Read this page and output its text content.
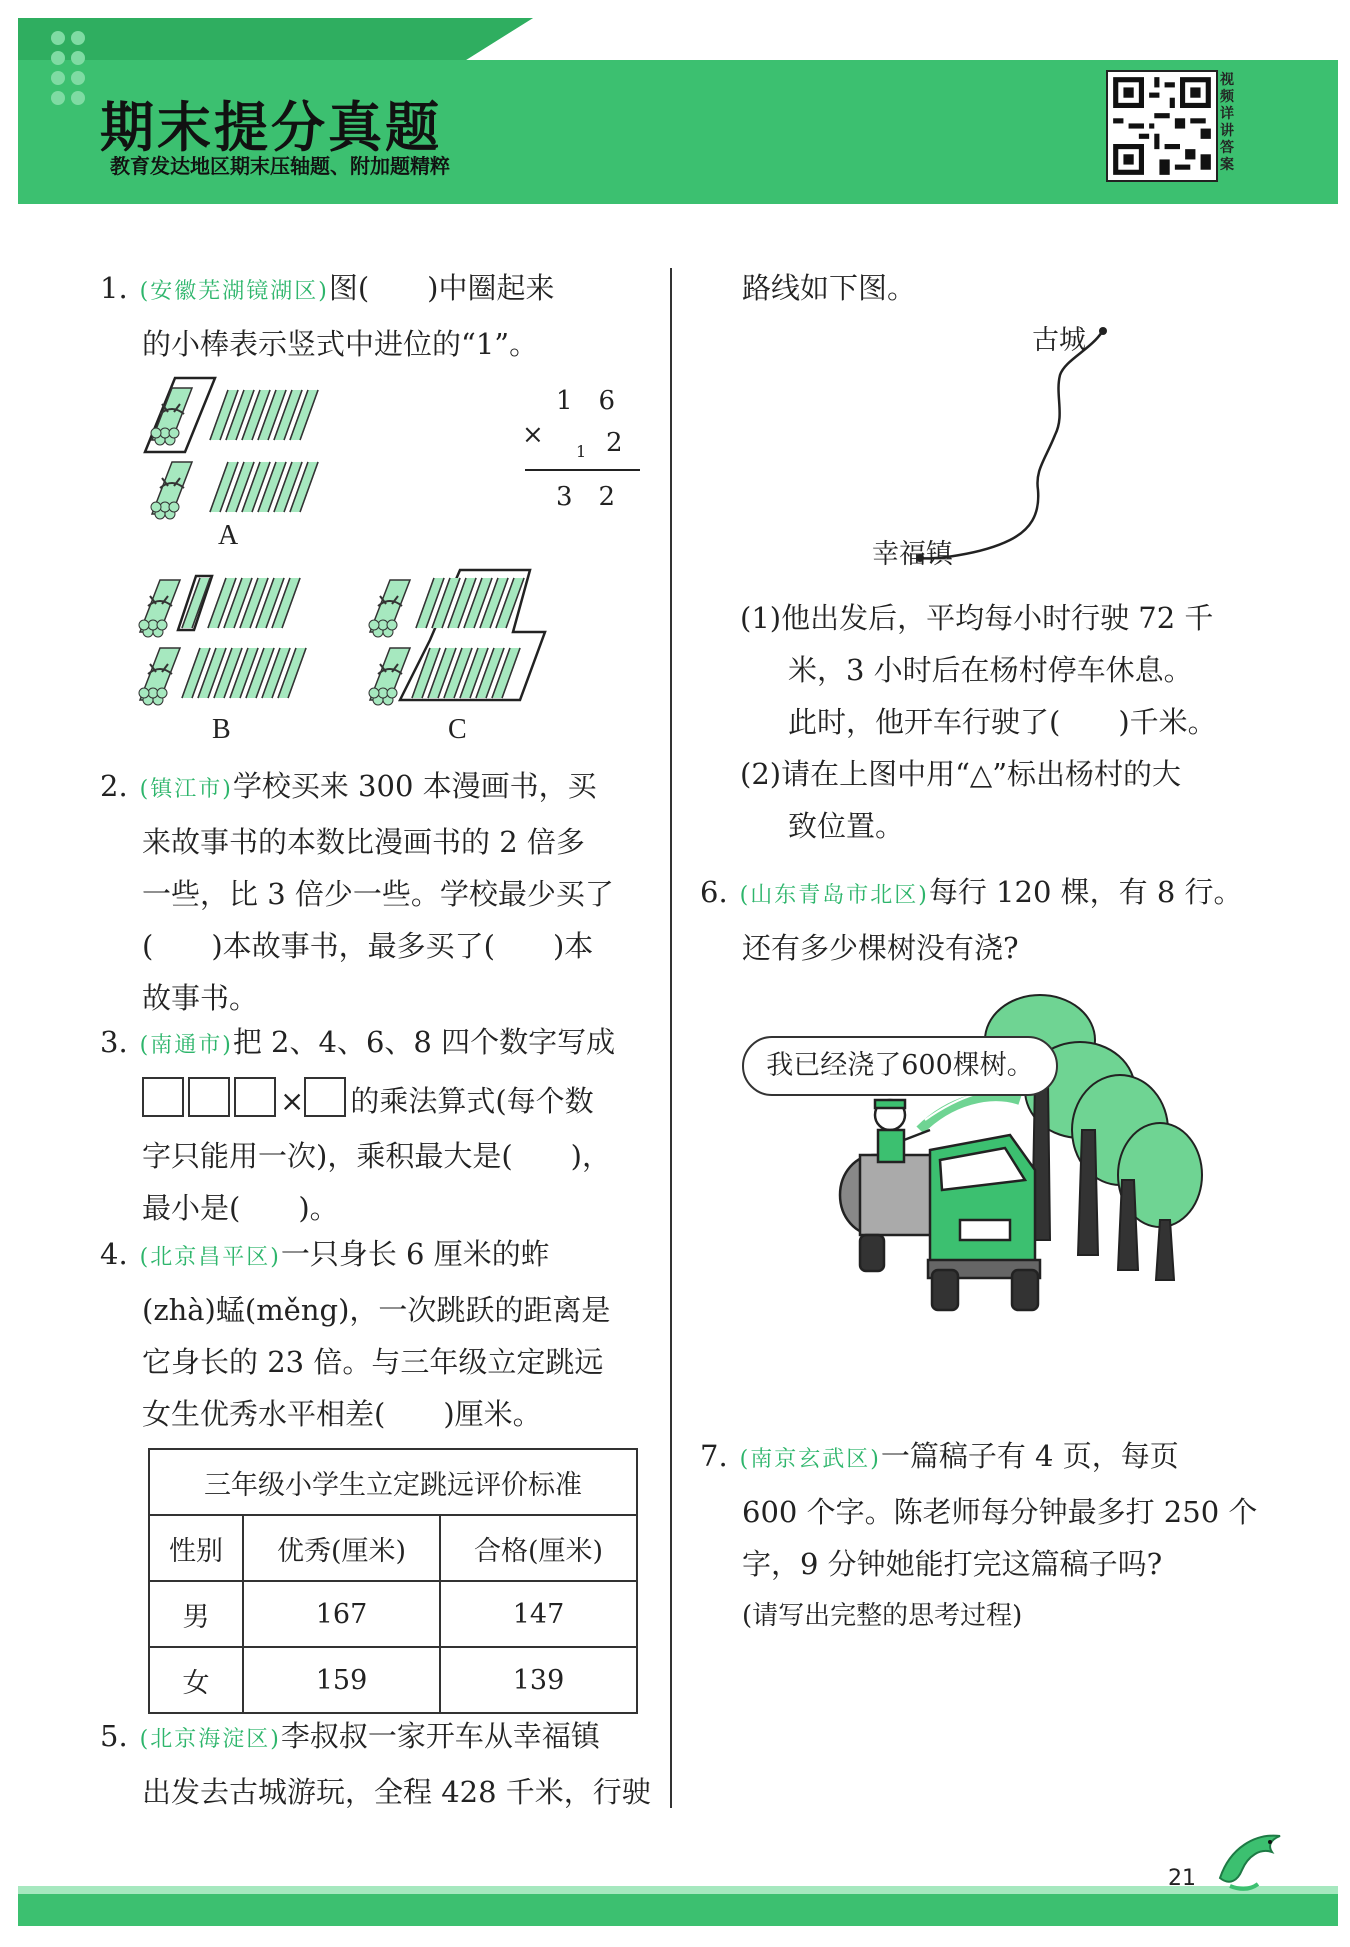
期末提分真题
教育发达地区期末压轴题、附加题精粹
视频详讲答案
1. (安徽芜湖镜湖区)图(　　)中圈起来
的小棒表示竖式中进位的“1”。
1　6
×
1 2
3　2
A
B	C
2. (镇江市)学校买来 300 本漫画书，买
来故事书的本数比漫画书的 2 倍多
一些，比 3 倍少一些。学校最少买了
(　　)本故事书，最多买了(　　)本
故事书。
3. (南通市)把 2、4、6、8 四个数字写成
× 的乘法算式(每个数
字只能用一次)，乘积最大是(　　)，
最小是(　　)。
4. (北京昌平区)一只身长 6 厘米的蚱
(zhà)蜢(měng)，一次跳跃的距离是
它身长的 23 倍。与三年级立定跳远
女生优秀水平相差(　　)厘米。
三年级小学生立定跳远评价标准		
性别	优秀(厘米)	合格(厘米)
男	167	147
女	159	139
5. (北京海淀区)李叔叔一家开车从幸福镇
出发去古城游玩，全程 428 千米，行驶
路线如下图。
古城
幸福镇
(1)他出发后，平均每小时行驶 72 千
米，3 小时后在杨村停车休息。
此时，他开车行驶了(　　)千米。
(2)请在上图中用“△”标出杨村的大
致位置。
6. (山东青岛市北区)每行 120 棵，有 8 行。
还有多少棵树没有浇?
我已经浇了600棵树。
7. (南京玄武区)一篇稿子有 4 页，每页
600 个字。陈老师每分钟最多打 250 个
字，9 分钟她能打完这篇稿子吗?
(请写出完整的思考过程)
21
